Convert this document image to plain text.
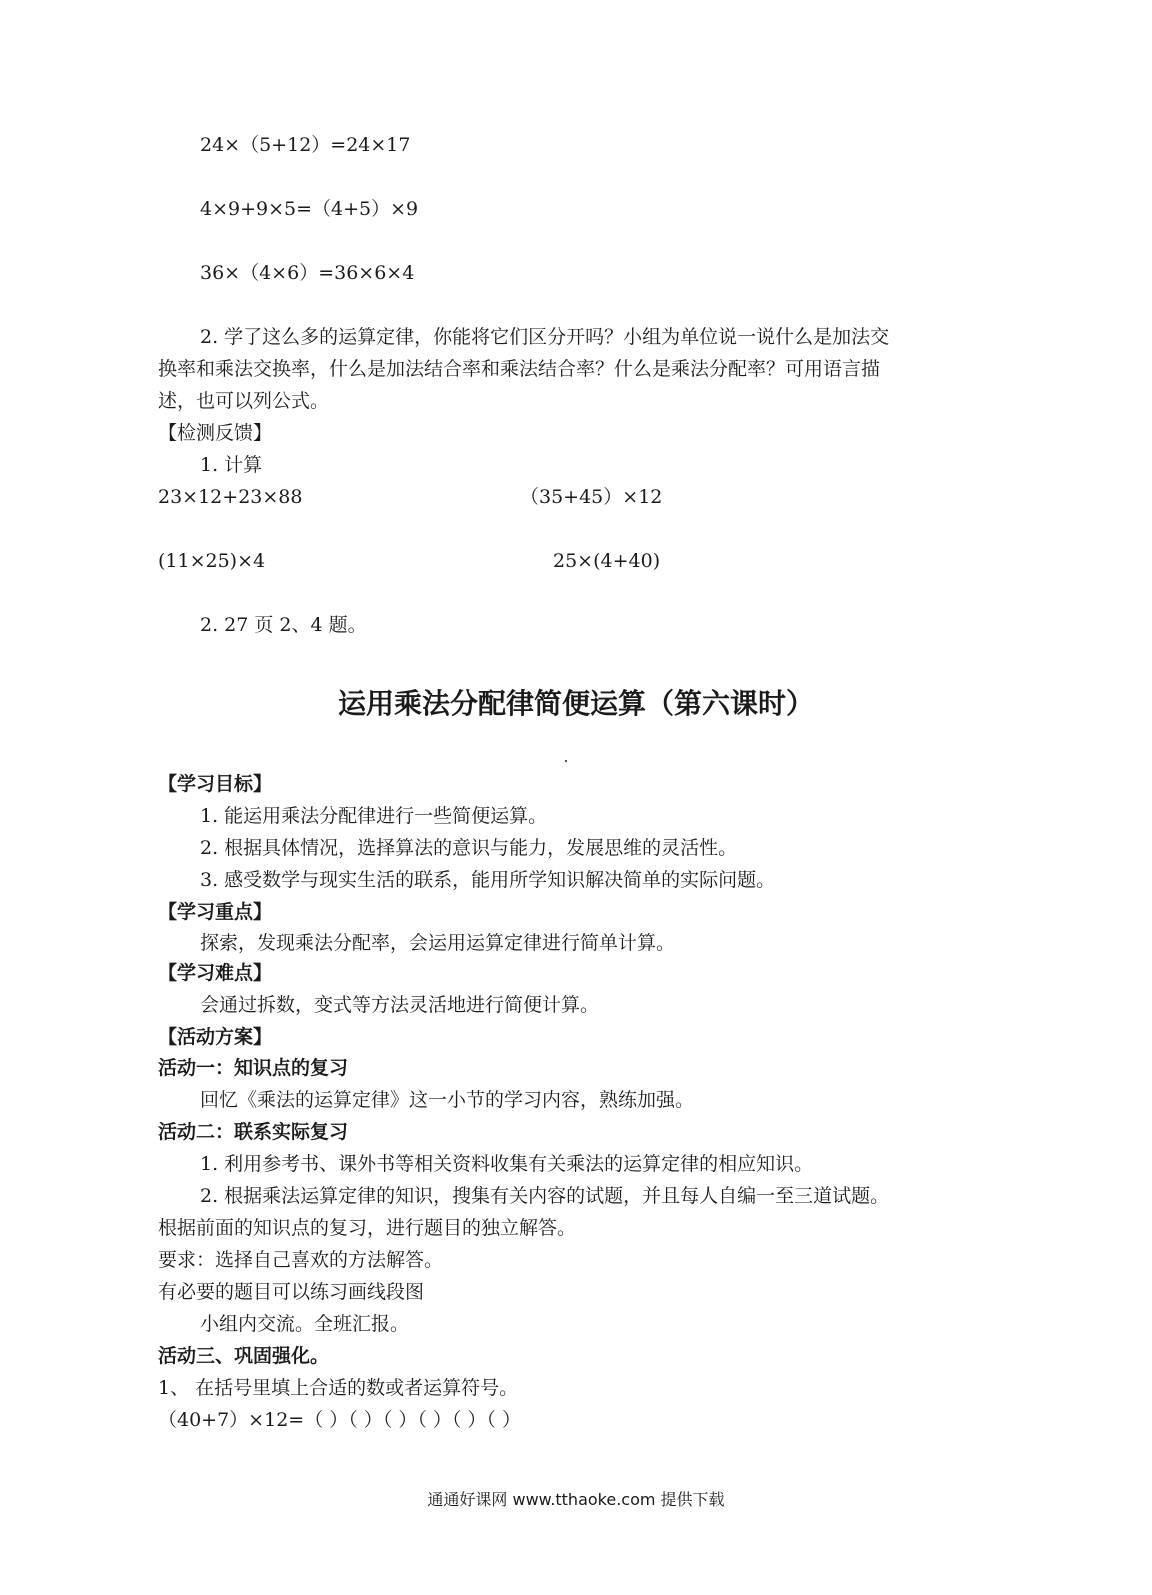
24×（5+12）=24×17
4×9+9×5=（4+5）×9
36×（4×6）=36×6×4
2. 学了这么多的运算定律，你能将它们区分开吗？小组为单位说一说什么是加法交
换率和乘法交换率，什么是加法结合率和乘法结合率？什么是乘法分配率？可用语言描
述，也可以列公式。
【检测反馈】
1. 计算
23×12+23×88	（35+45）×12
(11×25)×4	25×(4+40)
2. 27 页 2、4 题。
运用乘法分配律简便运算（第六课时）
【学习目标】
1. 能运用乘法分配律进行一些简便运算。
2. 根据具体情况，选择算法的意识与能力，发展思维的灵活性。
3. 感受数学与现实生活的联系，能用所学知识解决简单的实际问题。
【学习重点】
探索，发现乘法分配率，会运用运算定律进行简单计算。
【学习难点】
会通过拆数，变式等方法灵活地进行简便计算。
【活动方案】
活动一：知识点的复习
回忆《乘法的运算定律》这一小节的学习内容，熟练加强。
活动二：联系实际复习
1. 利用参考书、课外书等相关资料收集有关乘法的运算定律的相应知识。
2. 根据乘法运算定律的知识，搜集有关内容的试题，并且每人自编一至三道试题。
根据前面的知识点的复习，进行题目的独立解答。
要求：选择自己喜欢的方法解答。
有必要的题目可以练习画线段图
小组内交流。全班汇报。
活动三、巩固强化。
1、 在括号里填上合适的数或者运算符号。
（40+7）×12=（ ）（ ）（ ）（ ）（ ）（ ）
通通好课网 www.tthaoke.com 提供下载
